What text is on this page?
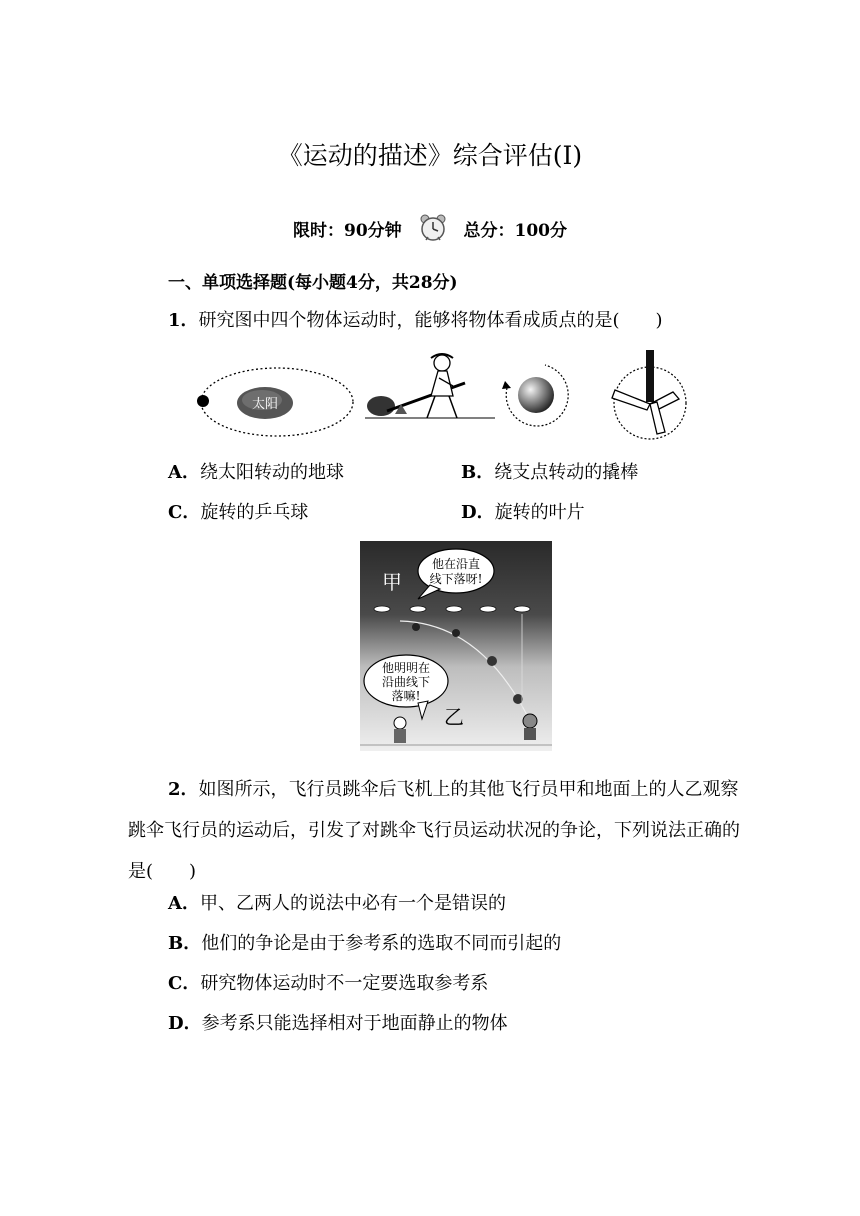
《运动的描述》综合评估(Ⅰ)
限时：90分钟	总分：100分
一、单项选择题(每小题4分，共28分)
1．研究图中四个物体运动时，能够将物体看成质点的是(　　)
太阳
A．绕太阳转动的地球	B．绕支点转动的撬棒
C．旋转的乒乓球	D．旋转的叶片
甲
他在沿直
线下落呀!
他明明在
沿曲线下
落嘛!
乙
2．如图所示，飞行员跳伞后飞机上的其他飞行员甲和地面上的人乙观察跳伞飞行员的运动后，引发了对跳伞飞行员运动状况的争论，下列说法正确的是(　　)
A．甲、乙两人的说法中必有一个是错误的
B．他们的争论是由于参考系的选取不同而引起的
C．研究物体运动时不一定要选取参考系
D．参考系只能选择相对于地面静止的物体
